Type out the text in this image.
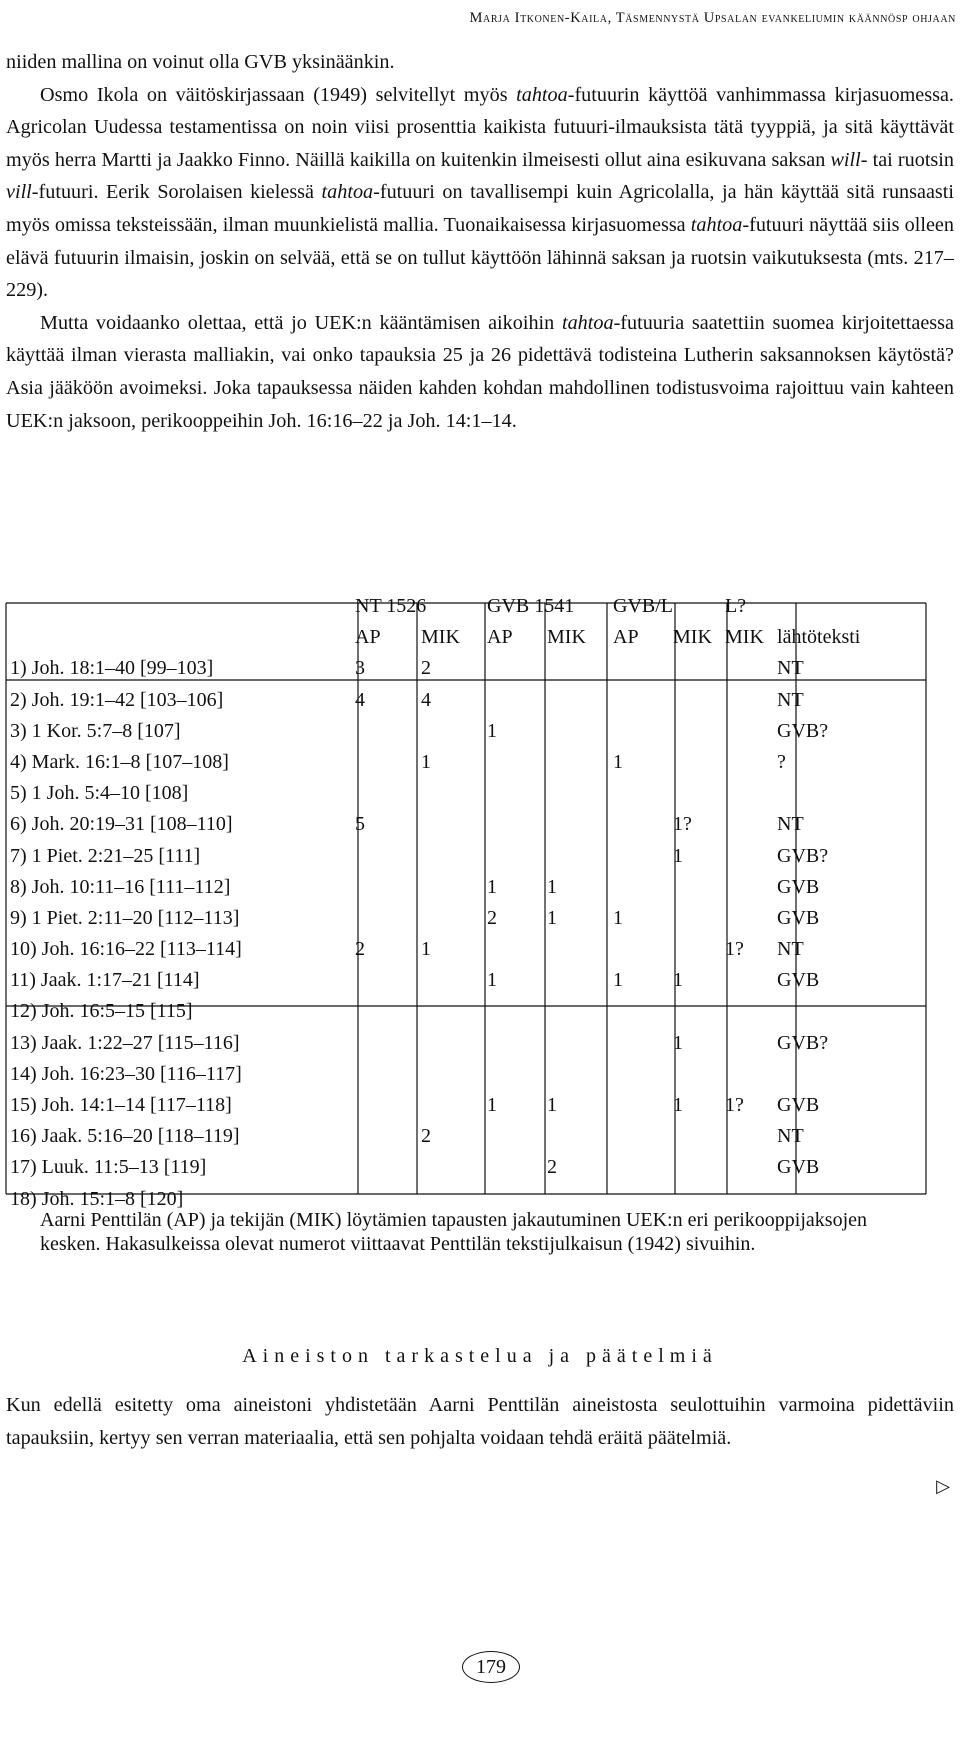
Marja Itkonen-Kaila, Täsmennystä Upsalan evankeliumin käännösp ohjaan

niiden mallina on voinut olla GVB yksinäänkin.

Osmo Ikola on väitöskirjassaan (1949) selvitellyt myös tahtoa-futuurin käyttöä vanhimmassa kirjasuomessa. Agricolan Uudessa testamentissa on noin viisi prosenttia kaikista futuuri-ilmauksista tätä tyyppiä, ja sitä käyttävät myös herra Martti ja Jaakko Finno. Näillä kaikilla on kuitenkin ilmeisesti ollut aina esikuvana saksan will- tai ruotsin vill-futuuri. Eerik Sorolaisen kielessä tahtoa-futuuri on tavallisempi kuin Agricolalla, ja hän käyttää sitä runsaasti myös omissa teksteissään, ilman muunkielistä mallia. Tuonaikaisessa kirjasuomessa tahtoa-futuuri näyttää siis olleen elävä futuurin ilmaisin, joskin on selvää, että se on tullut käyttöön lähinnä saksan ja ruotsin vaikutuksesta (mts. 217–229).

Mutta voidaanko olettaa, että jo UEK:n kääntämisen aikoihin tahtoa-futuuria saatettiin suomea kirjoitettaessa käyttää ilman vierasta malliakin, vai onko tapauksia 25 ja 26 pidettävä todisteina Lutherin saksannoksen käytöstä? Asia jääköön avoimeksi. Joka tapauksessa näiden kahden kohdan mahdollinen todistusvoima rajoittuu vain kahteen UEK:n jaksoon, perikooppeihin Joh. 16:16–22 ja Joh. 14:1–14.

	NT 1526		GVB 1541		GVB/L		L?	
	AP	MIK	AP	MIK	AP	MIK	MIK	lähtöteksti
1) Joh. 18:1–40 [99–103]	3	2						NT
2) Joh. 19:1–42 [103–106]	4	4						NT
3) 1 Kor. 5:7–8 [107]			1					GVB?
4) Mark. 16:1–8 [107–108]		1			1			?
5) 1 Joh. 5:4–10 [108]								
6) Joh. 20:19–31 [108–110]	5					1?		NT
7) 1 Piet. 2:21–25 [111]						1		GVB?
8) Joh. 10:11–16 [111–112]			1	1				GVB
9) 1 Piet. 2:11–20 [112–113]			2	1	1			GVB
10) Joh. 16:16–22 [113–114]	2	1					1?	NT
11) Jaak. 1:17–21 [114]			1		1	1		GVB
12) Joh. 16:5–15 [115]								
13) Jaak. 1:22–27 [115–116]						1		GVB?
14) Joh. 16:23–30 [116–117]								
15) Joh. 14:1–14 [117–118]			1	1		1	1?	GVB
16) Jaak. 5:16–20 [118–119]		2						NT
17) Luuk. 11:5–13 [119]				2				GVB
18) Joh. 15:1–8 [120]								
Aarni Penttilän (AP) ja tekijän (MIK) löytämien tapausten jakautuminen UEK:n eri perikooppijaksojen kesken. Hakasulkeissa olevat numerot viittaavat Penttilän tekstijulkaisun (1942) sivuihin.
Aineiston tarkastelua ja päätelmiä

Kun edellä esitetty oma aineistoni yhdistetään Aarni Penttilän aineistosta seulottuihin varmoina pidettäviin tapauksiin, kertyy sen verran materiaalia, että sen pohjalta voidaan tehdä eräitä päätelmiä.

▷
179
